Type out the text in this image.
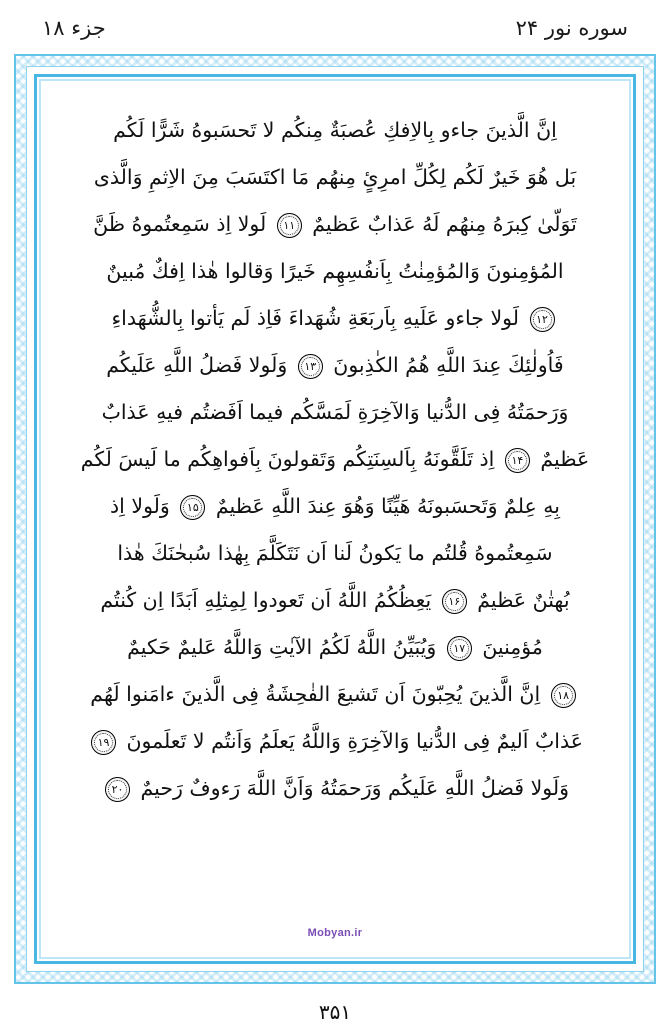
سوره نور ۲۴
جزء ۱۸
اِنَّ الَّذينَ جاءو بِالاِفكِ عُصبَةٌ مِنكُم لا تَحسَبوهُ شَرًّا لَكُم
بَل هُوَ خَيرٌ لَكُم لِكُلِّ امرِئٍ مِنهُم مَا اكتَسَبَ مِنَ الاِثمِ وَالَّذى
تَوَلّىٰ كِبرَهُ مِنهُم لَهُ عَذابٌ عَظيمٌ ۱۱ لَولا اِذ سَمِعتُموهُ ظَنَّ
المُؤمِنونَ وَالمُؤمِنٰتُ بِاَنفُسِهِم خَيرًا وَقالوا هٰذا اِفكٌ مُبينٌ
۱۲ لَولا جاءو عَلَيهِ بِاَربَعَةِ شُهَداءَ فَاِذ لَم يَأتوا بِالشُّهَداءِ
فَاُولٰئِكَ عِندَ اللَّهِ هُمُ الكٰذِبونَ ۱۳ وَلَولا فَضلُ اللَّهِ عَلَيكُم
وَرَحمَتُهُ فِى الدُّنيا وَالآخِرَةِ لَمَسَّكُم فيما اَفَضتُم فيهِ عَذابٌ
عَظيمٌ ۱۴ اِذ تَلَقَّونَهُ بِاَلسِنَتِكُم وَتَقولونَ بِاَفواهِكُم ما لَيسَ لَكُم
بِهِ عِلمٌ وَتَحسَبونَهُ هَيِّنًا وَهُوَ عِندَ اللَّهِ عَظيمٌ ۱۵ وَلَولا اِذ
سَمِعتُموهُ قُلتُم ما يَكونُ لَنا اَن نَتَكَلَّمَ بِهٰذا سُبحٰنَكَ هٰذا
بُهتٰنٌ عَظيمٌ ۱۶ يَعِظُكُمُ اللَّهُ اَن تَعودوا لِمِثلِهِ اَبَدًا اِن كُنتُم
مُؤمِنينَ ۱۷ وَيُبَيِّنُ اللَّهُ لَكُمُ الآيٰتِ وَاللَّهُ عَليمٌ حَكيمٌ
۱۸ اِنَّ الَّذينَ يُحِبّونَ اَن تَشيعَ الفٰحِشَةُ فِى الَّذينَ ءامَنوا لَهُم
عَذابٌ اَليمٌ فِى الدُّنيا وَالآخِرَةِ وَاللَّهُ يَعلَمُ وَاَنتُم لا تَعلَمونَ ۱۹
وَلَولا فَضلُ اللَّهِ عَلَيكُم وَرَحمَتُهُ وَاَنَّ اللَّهَ رَءوفٌ رَحيمٌ ۲۰
Mobyan.ir
۳۵۱
